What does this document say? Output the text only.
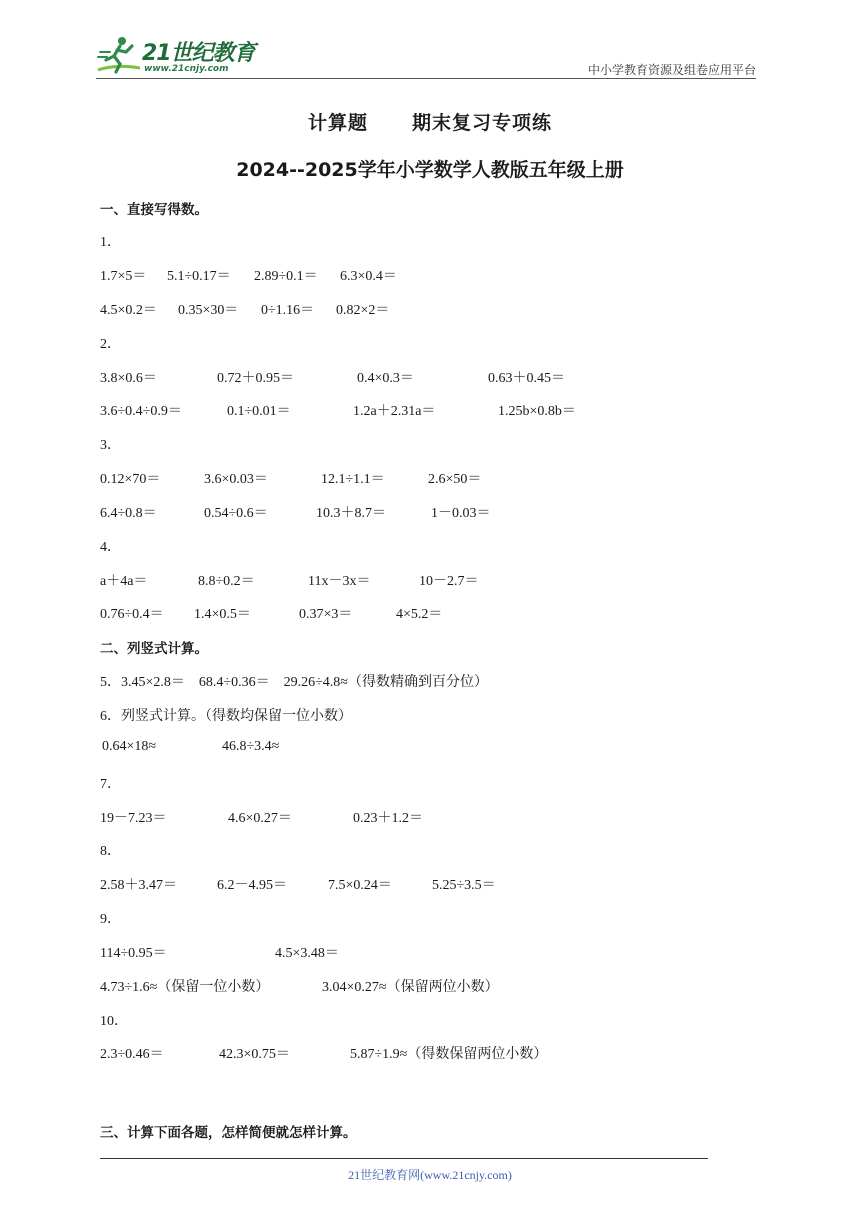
21世纪教育
www.21cnjy.com	中小学教育资源及组卷应用平台
计算题 期末复习专项练
2024--2025学年小学数学人教版五年级上册
一、直接写得数。
1．
1.7×5＝ 5.1÷0.17＝ 2.89÷0.1＝ 6.3×0.4＝
4.5×0.2＝ 0.35×30＝ 0÷1.16＝ 0.82×2＝
2．
3.8×0.6＝	0.72＋0.95＝	0.4×0.3＝	0.63＋0.45＝
3.6÷0.4÷0.9＝	0.1÷0.01＝	1.2a＋2.31a＝	1.25b×0.8b＝
3．
0.12×70＝	3.6×0.03＝	12.1÷1.1＝	2.6×50＝
6.4÷0.8＝	0.54÷0.6＝	10.3＋8.7＝	1－0.03＝
4．
a＋4a＝	8.8÷0.2＝	11x－3x＝	10－2.7＝
0.76÷0.4＝ 1.4×0.5＝	0.37×3＝	4×5.2＝
二、列竖式计算。
5．3.45×2.8＝    68.4÷0.36＝    29.26÷4.8≈（得数精确到百分位）
6．列竖式计算。（得数均保留一位小数）
0.64×18≈	46.8÷3.4≈
7．
19－7.23＝	4.6×0.27＝	0.23＋1.2＝
8．
2.58＋3.47＝	6.2－4.95＝	7.5×0.24＝	5.25÷3.5＝
9．
114÷0.95＝	4.5×3.48＝
4.73÷1.6≈（保留一位小数）	3.04×0.27≈（保留两位小数）
10．
2.3÷0.46＝	42.3×0.75＝	5.87÷1.9≈（得数保留两位小数）
三、计算下面各题，怎样简便就怎样计算。
21世纪教育网(www.21cnjy.com)
